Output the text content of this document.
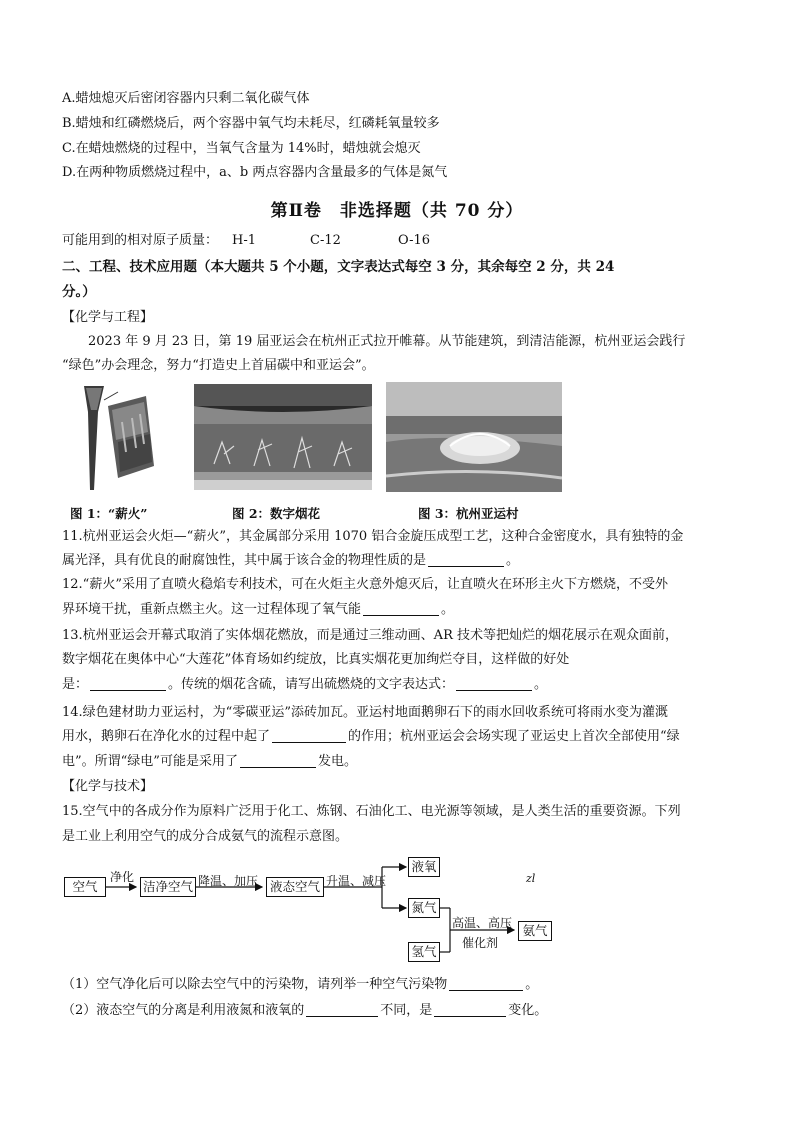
A.蜡烛熄灭后密闭容器内只剩二氧化碳气体
B.蜡烛和红磷燃烧后，两个容器中氧气均未耗尽，红磷耗氧量较多
C.在蜡烛燃烧的过程中，当氧气含量为 14%时，蜡烛就会熄灭
D.在两种物质燃烧过程中，a、b 两点容器内含量最多的气体是氮气
第Ⅱ卷　非选择题（共 70 分）
可能用到的相对原子质量： H-1	C-12	O-16
二、工程、技术应用题（本大题共 5 个小题，文字表达式每空 3 分，其余每空 2 分，共 24
分。）
【化学与工程】
2023 年 9 月 23 日，第 19 届亚运会在杭州正式拉开帷幕。从节能建筑，到清洁能源，杭州亚运会践行
“绿色”办会理念，努力“打造史上首届碳中和亚运会”。
图 1：“薪火”	图 2：数字烟花	图 3：杭州亚运村
11.杭州亚运会火炬—“薪火”，其金属部分采用 1070 铝合金旋压成型工艺，这种合金密度水，具有独特的金
属光泽，具有优良的耐腐蚀性，其中属于该合金的物理性质的是	。
12.“薪火”采用了直喷火稳焰专利技术，可在火炬主火意外熄灭后，让直喷火在环形主火下方燃烧，不受外
界环境干扰，重新点燃主火。这一过程体现了氧气能	。
13.杭州亚运会开幕式取消了实体烟花燃放，而是通过三维动画、AR 技术等把灿烂的烟花展示在观众面前，
数字烟花在奥体中心“大莲花”体育场如约绽放，比真实烟花更加绚烂夺目，这样做的好处
是：	。传统的烟花含硫，请写出硫燃烧的文字表达式：	。
14.绿色建材助力亚运村，为“零碳亚运”添砖加瓦。亚运村地面鹅卵石下的雨水回收系统可将雨水变为灌溉
用水，鹅卵石在净化水的过程中起了	的作用；杭州亚运会会场实现了亚运史上首次全部使用“绿
电”。所谓“绿电”可能是采用了	发电。
【化学与技术】
15.空气中的各成分作为原料广泛用于化工、炼钢、石油化工、电光源等领域，是人类生活的重要资源。下列
是工业上利用空气的成分合成氨气的流程示意图。
空气
净化
洁净空气 降温、加压 液态空气 升温、减压
液氧
氮气
氢气
高温、高压
催化剂
氨气
zl
（1）空气净化后可以除去空气中的污染物，请列举一种空气污染物	。
（2）液态空气的分离是利用液氮和液氧的	不同，是	变化。
